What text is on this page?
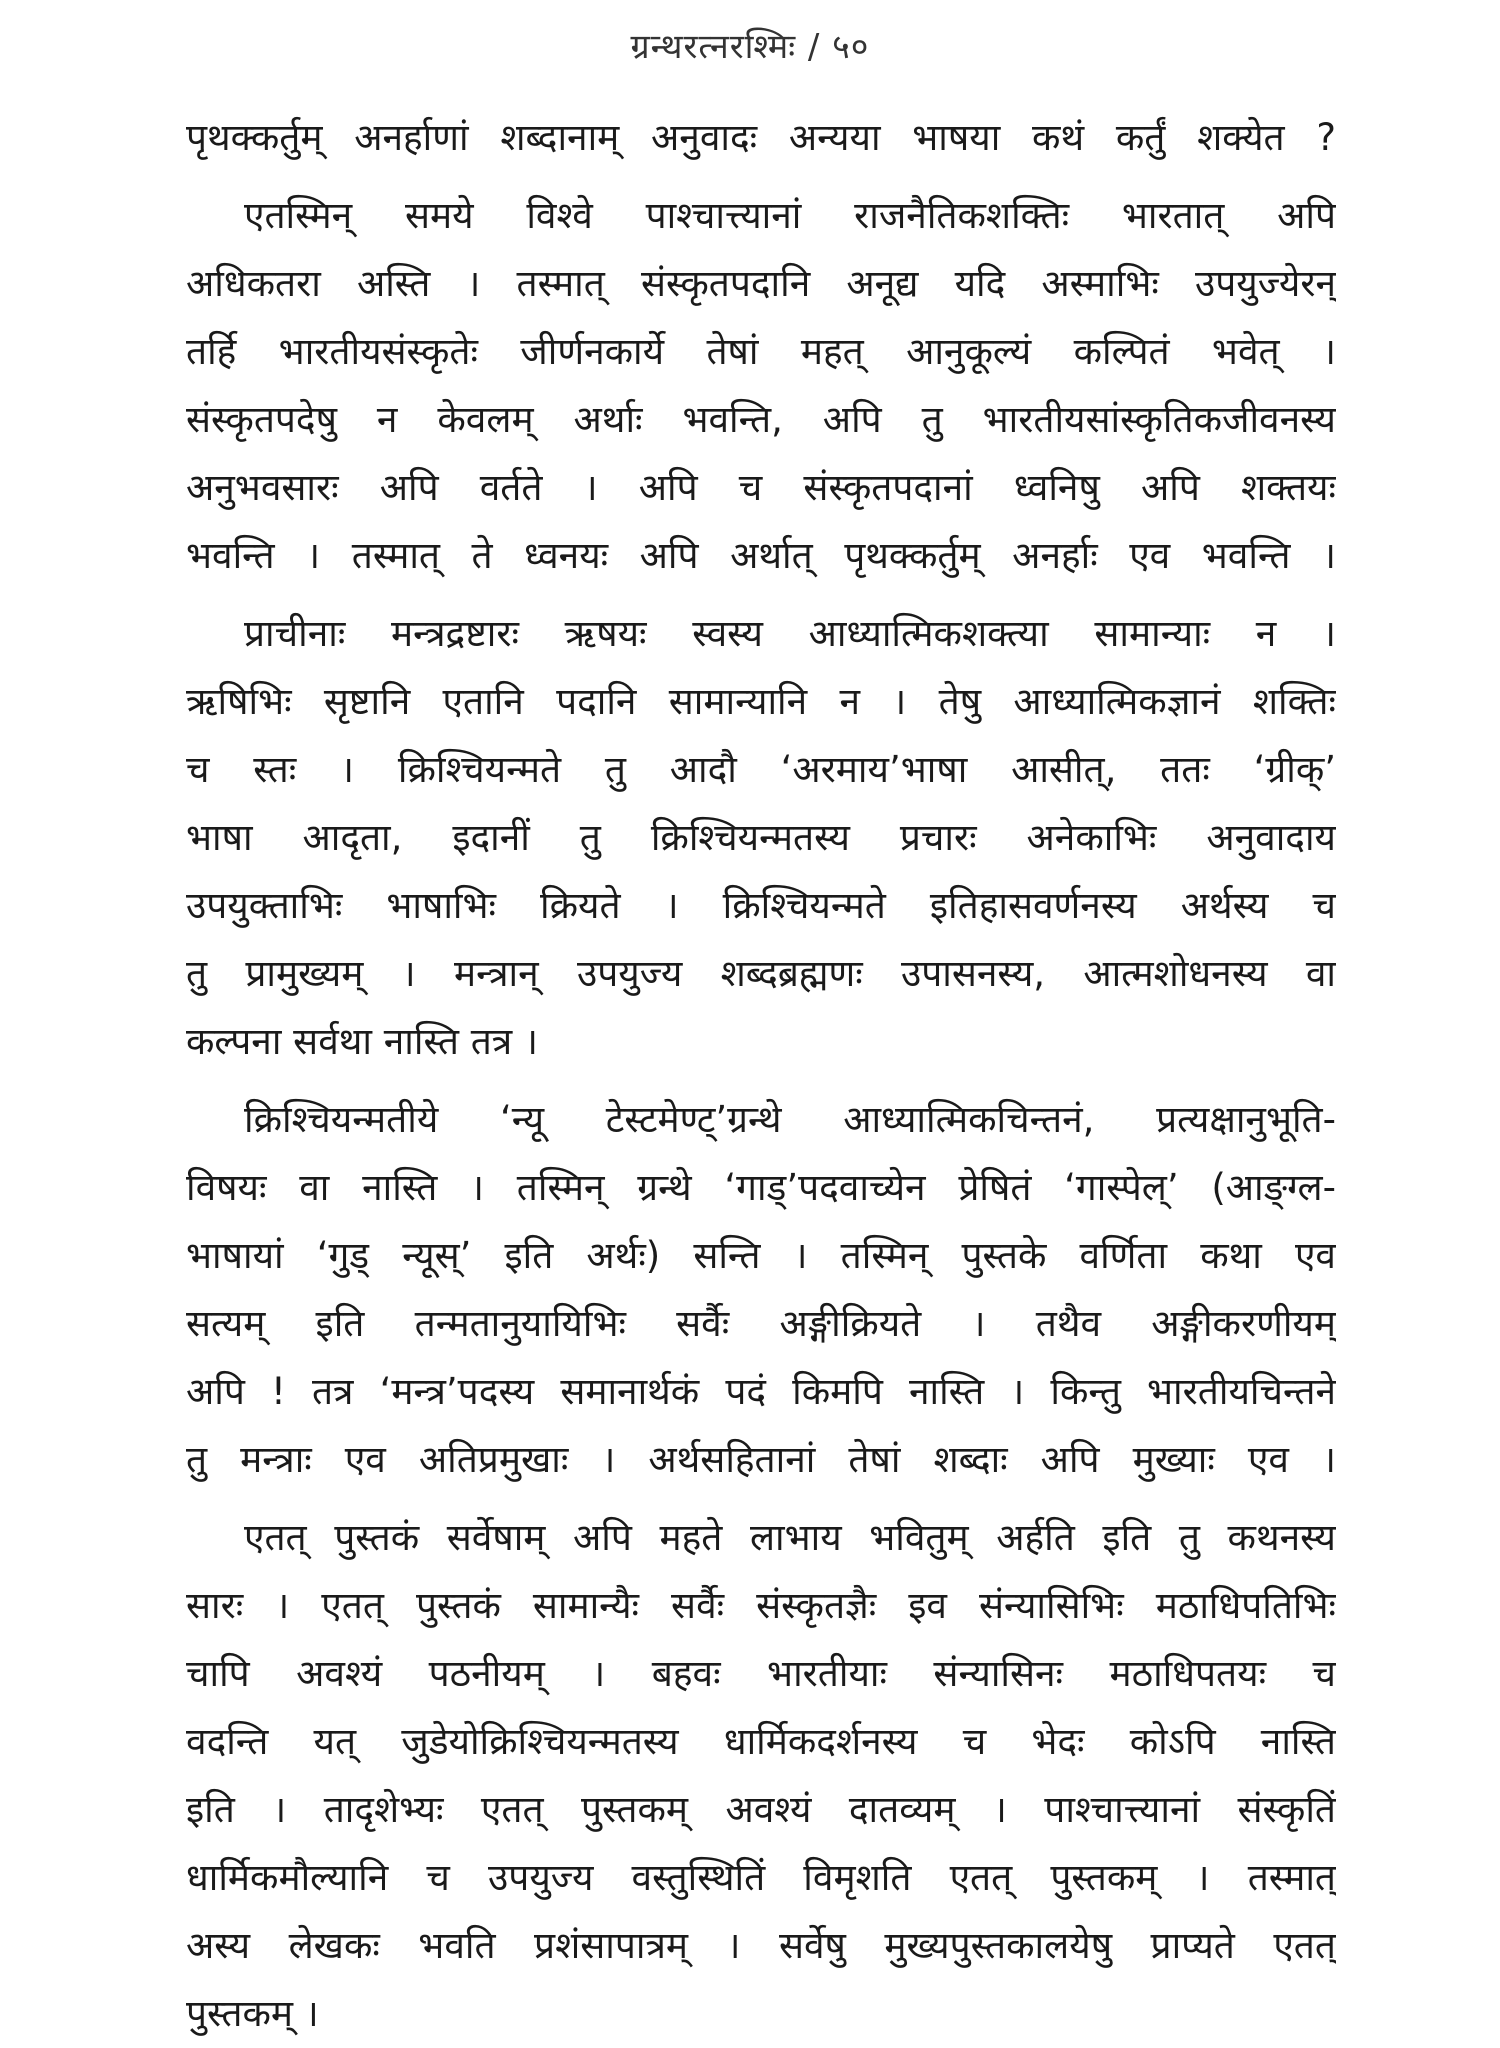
ग्रन्थरत्नरश्मिः / ५०
पृथक्कर्तुम् अनर्हाणां शब्दानाम् अनुवादः अन्यया भाषया कथं कर्तुं शक्येत ?
एतस्मिन् समये विश्वे पाश्चात्त्यानां राजनैतिकशक्तिः भारतात् अपि
अधिकतरा अस्ति । तस्मात् संस्कृतपदानि अनूद्य यदि अस्माभिः उपयुज्येरन्
तर्हि भारतीयसंस्कृतेः जीर्णनकार्ये तेषां महत् आनुकूल्यं कल्पितं भवेत् ।
संस्कृतपदेषु न केवलम् अर्थाः भवन्ति, अपि तु भारतीयसांस्कृतिकजीवनस्य
अनुभवसारः अपि वर्तते । अपि च संस्कृतपदानां ध्वनिषु अपि शक्तयः
भवन्ति । तस्मात् ते ध्वनयः अपि अर्थात् पृथक्कर्तुम् अनर्हाः एव भवन्ति ।
प्राचीनाः मन्त्रद्रष्टारः ऋषयः स्वस्य आध्यात्मिकशक्त्या सामान्याः न ।
ऋषिभिः सृष्टानि एतानि पदानि सामान्यानि न । तेषु आध्यात्मिकज्ञानं शक्तिः
च स्तः । क्रिश्चियन्मते तु आदौ ‘अरमाय’भाषा आसीत्, ततः ‘ग्रीक्’
भाषा आदृता, इदानीं तु क्रिश्चियन्मतस्य प्रचारः अनेकाभिः अनुवादाय
उपयुक्ताभिः भाषाभिः क्रियते । क्रिश्चियन्मते इतिहासवर्णनस्य अर्थस्य च
तु प्रामुख्यम् । मन्त्रान् उपयुज्य शब्दब्रह्मणः उपासनस्य, आत्मशोधनस्य वा
कल्पना सर्वथा नास्ति तत्र ।
क्रिश्चियन्मतीये ‘न्यू टेस्टमेण्ट्’ग्रन्थे आध्यात्मिकचिन्तनं, प्रत्यक्षानुभूति-
विषयः वा नास्ति । तस्मिन् ग्रन्थे ‘गाड्’पदवाच्येन प्रेषितं ‘गास्पेल्’ (आङ्ग्ल-
भाषायां ‘गुड् न्यूस्’ इति अर्थः) सन्ति । तस्मिन् पुस्तके वर्णिता कथा एव
सत्यम् इति तन्मतानुयायिभिः सर्वैः अङ्गीक्रियते । तथैव अङ्गीकरणीयम्
अपि ! तत्र ‘मन्त्र’पदस्य समानार्थकं पदं किमपि नास्ति । किन्तु भारतीयचिन्तने
तु मन्त्राः एव अतिप्रमुखाः । अर्थसहितानां तेषां शब्दाः अपि मुख्याः एव ।
एतत् पुस्तकं सर्वेषाम् अपि महते लाभाय भवितुम् अर्हति इति तु कथनस्य
सारः । एतत् पुस्तकं सामान्यैः सर्वैः संस्कृतज्ञैः इव संन्यासिभिः मठाधिपतिभिः
चापि अवश्यं पठनीयम् । बहवः भारतीयाः संन्यासिनः मठाधिपतयः च
वदन्ति यत् जुडेयोक्रिश्चियन्मतस्य धार्मिकदर्शनस्य च भेदः कोऽपि नास्ति
इति । तादृशेभ्यः एतत् पुस्तकम् अवश्यं दातव्यम् । पाश्चात्त्यानां संस्कृतिं
धार्मिकमौल्यानि च उपयुज्य वस्तुस्थितिं विमृशति एतत् पुस्तकम् । तस्मात्
अस्य लेखकः भवति प्रशंसापात्रम् । सर्वेषु मुख्यपुस्तकालयेषु प्राप्यते एतत्
पुस्तकम् ।
